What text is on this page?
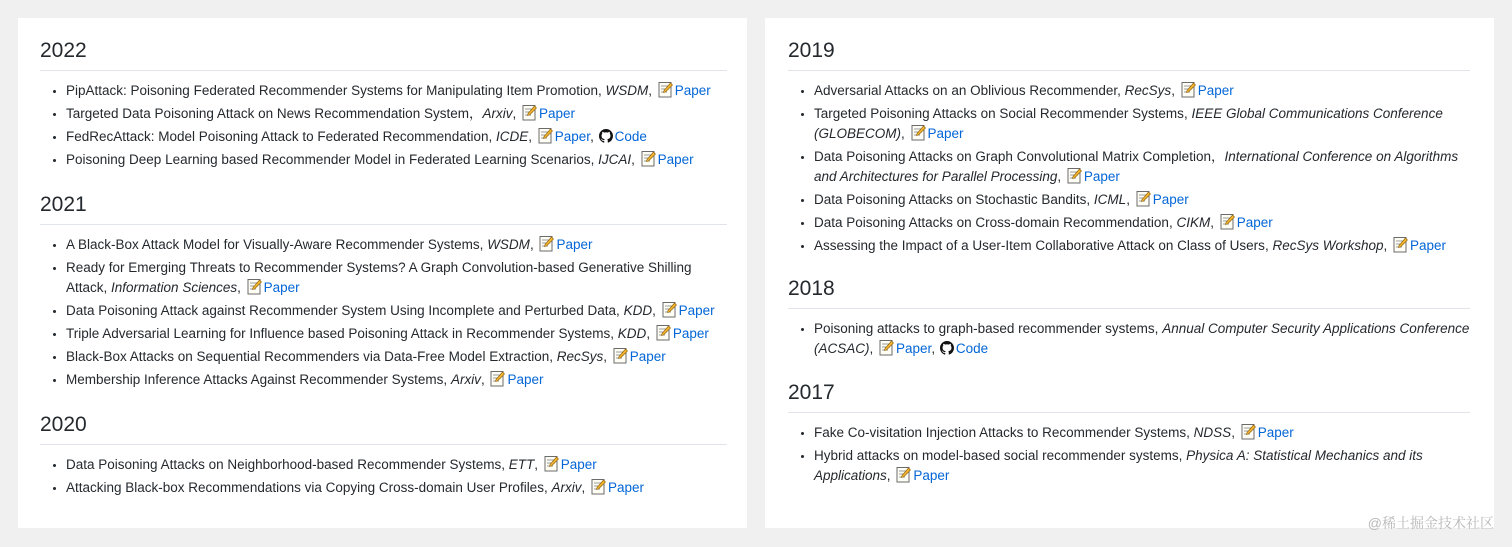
2022
• PipAttack: Poisoning Federated Recommender Systems for Manipulating Item Promotion, WSDM,
Paper
• Targeted Data Poisoning Attack on News Recommendation System，Arxiv,
Paper
• FedRecAttack: Model Poisoning Attack to Federated Recommendation, ICDE,
Paper, Code
• Poisoning Deep Learning based Recommender Model in Federated Learning Scenarios, IJCAI,
Paper
2021
• A Black-Box Attack Model for Visually-Aware Recommender Systems, WSDM,
Paper
• Ready for Emerging Threats to Recommender Systems? A Graph Convolution-based Generative Shilling Attack, Information Sciences,
Paper
• Data Poisoning Attack against Recommender System Using Incomplete and Perturbed Data, KDD,
Paper
• Triple Adversarial Learning for Influence based Poisoning Attack in Recommender Systems, KDD,
Paper
• Black-Box Attacks on Sequential Recommenders via Data-Free Model Extraction, RecSys,
Paper
• Membership Inference Attacks Against Recommender Systems, Arxiv,
Paper
2020
• Data Poisoning Attacks on Neighborhood-based Recommender Systems, ETT,
Paper
• Attacking Black-box Recommendations via Copying Cross-domain User Profiles, Arxiv,
Paper
2019
• Adversarial Attacks on an Oblivious Recommender, RecSys,
Paper
• Targeted Poisoning Attacks on Social Recommender Systems, IEEE Global Communications Conference (GLOBECOM),
Paper
• Data Poisoning Attacks on Graph Convolutional Matrix Completion，International Conference on Algorithms and Architectures for Parallel Processing,
Paper
• Data Poisoning Attacks on Stochastic Bandits, ICML,
Paper
• Data Poisoning Attacks on Cross-domain Recommendation, CIKM,
Paper
• Assessing the Impact of a User-Item Collaborative Attack on Class of Users, RecSys Workshop,
Paper
2018
• Poisoning attacks to graph-based recommender systems, Annual Computer Security Applications Conference (ACSAC),
Paper, Code
2017
• Fake Co-visitation Injection Attacks to Recommender Systems, NDSS,
Paper
• Hybrid attacks on model-based social recommender systems, Physica A: Statistical Mechanics and its Applications,
Paper
@稀土掘金技术社区
